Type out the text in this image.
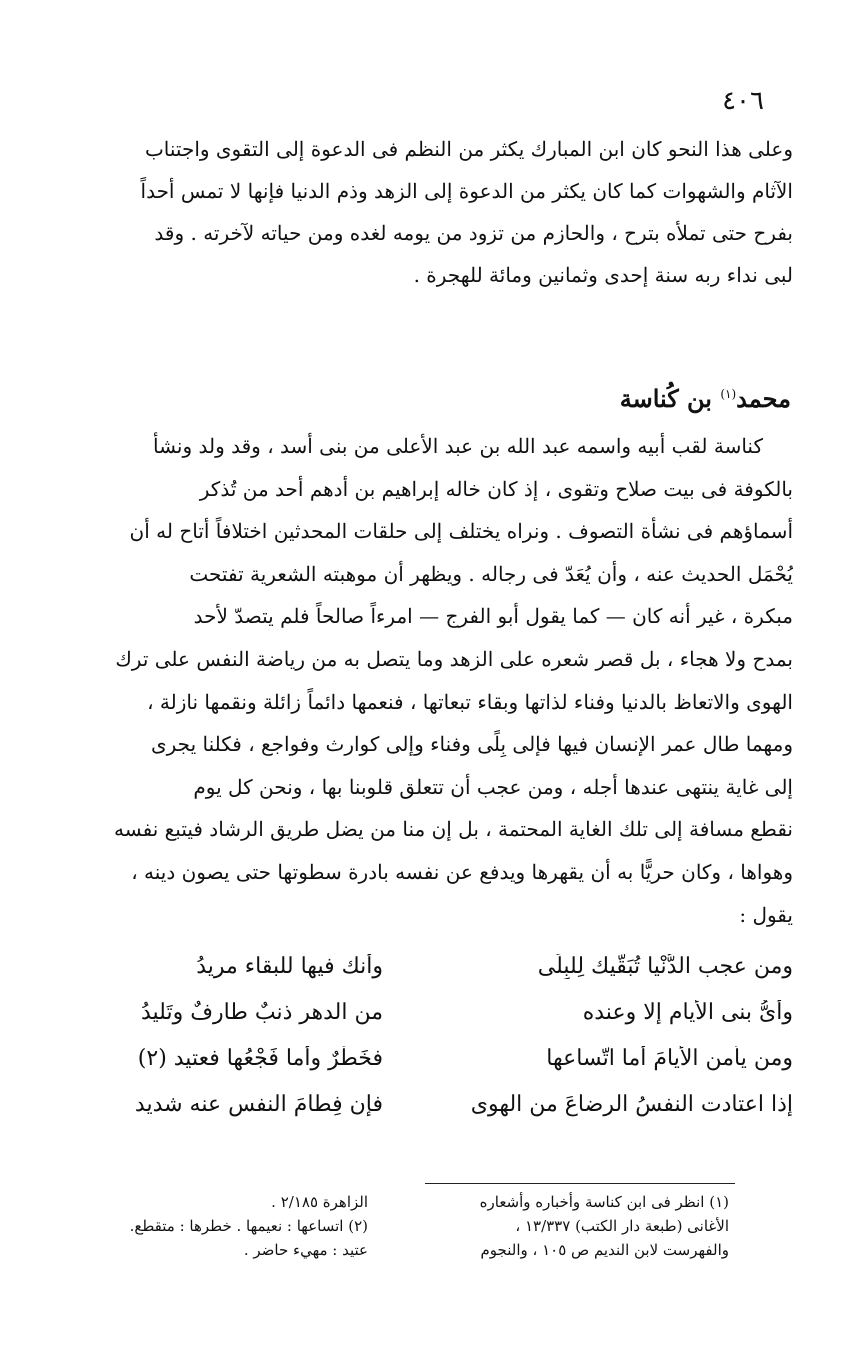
٤٠٦
وعلى هذا النحو كان ابن المبارك يكثر من النظم فى الدعوة إلى التقوى واجتناب
الآثام والشهوات كما كان يكثر من الدعوة إلى الزهد وذم الدنيا فإنها لا تمس أحداً
بفرح حتى تملأه بترح ، والحازم من تزود من يومه لغده ومن حياته لآخرته . وقد
لبى نداء ربه سنة إحدى وثمانين ومائة للهجرة .
محمد$^{(١)}$ بن كُناسة
كناسة لقب أبيه واسمه عبد الله بن عبد الأعلى من بنى أسد ، وقد ولد ونشأ
بالكوفة فى بيت صلاح وتقوى ، إذ كان خاله إبراهيم بن أدهم أحد من تُذكر
أسماؤهم فى نشأة التصوف . ونراه يختلف إلى حلقات المحدثين اختلافاً أتاح له أن
يُحْمَل الحديث عنه ، وأن يُعَدّ فى رجاله . ويظهر أن موهبته الشعرية تفتحت
مبكرة ، غير أنه كان — كما يقول أبو الفرج — امرءاً صالحاً فلم يتصدّ لأحد
بمدح ولا هجاء ، بل قصر شعره على الزهد وما يتصل به من رياضة النفس على ترك
الهوى والاتعاظ بالدنيا وفناء لذاتها وبقاء تبعاتها ، فنعمها دائماً زائلة ونقمها نازلة ،
ومهما طال عمر الإنسان فيها فإلى بِلًى وفناء وإلى كوارث وفواجع ، فكلنا يجرى
إلى غاية ينتهى عندها أجله ، ومن عجب أن تتعلق قلوبنا بها ، ونحن كل يوم
نقطع مسافة إلى تلك الغاية المحتمة ، بل إن منا من يضل طريق الرشاد فيتبع نفسه
وهواها ، وكان حريًّا به أن يقهرها ويدفع عن نفسه بادرة سطوتها حتى يصون دينه ،
يقول :
ومن عجب الدُّنْيا تُبَقّيك لِلبِلَى
وأنك فيها للبقاء مريدُ
وأىُّ بنى الأيام إلا وعنده
من الدهر ذنبٌ طارفٌ وتَليدُ
ومن يأمن الأيامَ أما اتّساعها
فخَطْرٌ وأما فَجْعُها فعتيد (٢)
إذا اعتادت النفسُ الرضاعَ من الهوى
فإن فِطامَ النفس عنه شديد
(١) انظر فى ابن كناسة وأخباره وأشعاره
الأغانى (طبعة دار الكتب) ١٣/٣٣٧ ،
والفهرست لابن النديم ص ١٠٥ ، والنجوم
الزاهرة ٢/١٨٥ .
(٢) اتساعها : نعيمها . خطرها : متقطع.
عتيد : مهيء حاضر .
